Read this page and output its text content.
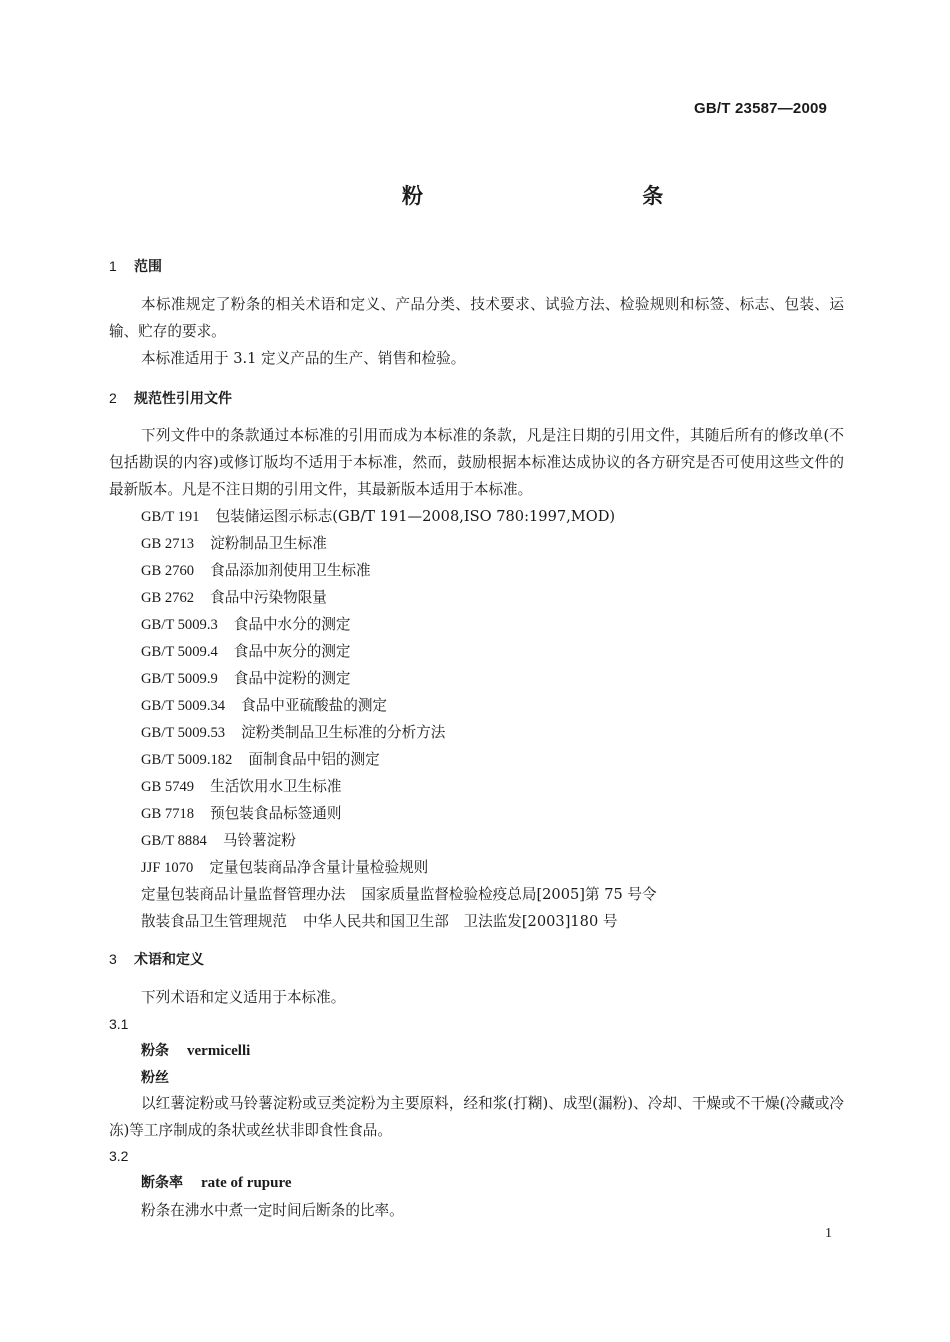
GB/T 23587—2009
粉 条
1 范围
本标准规定了粉条的相关术语和定义、产品分类、技术要求、试验方法、检验规则和标签、标志、包装、运输、贮存的要求。
本标准适用于 3.1 定义产品的生产、销售和检验。
2 规范性引用文件
下列文件中的条款通过本标准的引用而成为本标准的条款，凡是注日期的引用文件，其随后所有的修改单(不包括勘误的内容)或修订版均不适用于本标准，然而，鼓励根据本标准达成协议的各方研究是否可使用这些文件的最新版本。凡是不注日期的引用文件，其最新版本适用于本标准。
GB/T 191 包装储运图示标志(GB/T 191—2008,ISO 780:1997,MOD)
GB 2713 淀粉制品卫生标准
GB 2760 食品添加剂使用卫生标准
GB 2762 食品中污染物限量
GB/T 5009.3 食品中水分的测定
GB/T 5009.4 食品中灰分的测定
GB/T 5009.9 食品中淀粉的测定
GB/T 5009.34 食品中亚硫酸盐的测定
GB/T 5009.53 淀粉类制品卫生标准的分析方法
GB/T 5009.182 面制食品中铝的测定
GB 5749 生活饮用水卫生标准
GB 7718 预包装食品标签通则
GB/T 8884 马铃薯淀粉
JJF 1070 定量包装商品净含量计量检验规则
定量包装商品计量监督管理办法 国家质量监督检验检疫总局[2005]第 75 号令
散装食品卫生管理规范 中华人民共和国卫生部　卫法监发[2003]180 号
3 术语和定义
下列术语和定义适用于本标准。
3.1
粉条 vermicelli
粉丝
以红薯淀粉或马铃薯淀粉或豆类淀粉为主要原料，经和浆(打糊)、成型(漏粉)、冷却、干燥或不干燥(冷藏或冷冻)等工序制成的条状或丝状非即食性食品。
3.2
断条率 rate of rupure
粉条在沸水中煮一定时间后断条的比率。
1
